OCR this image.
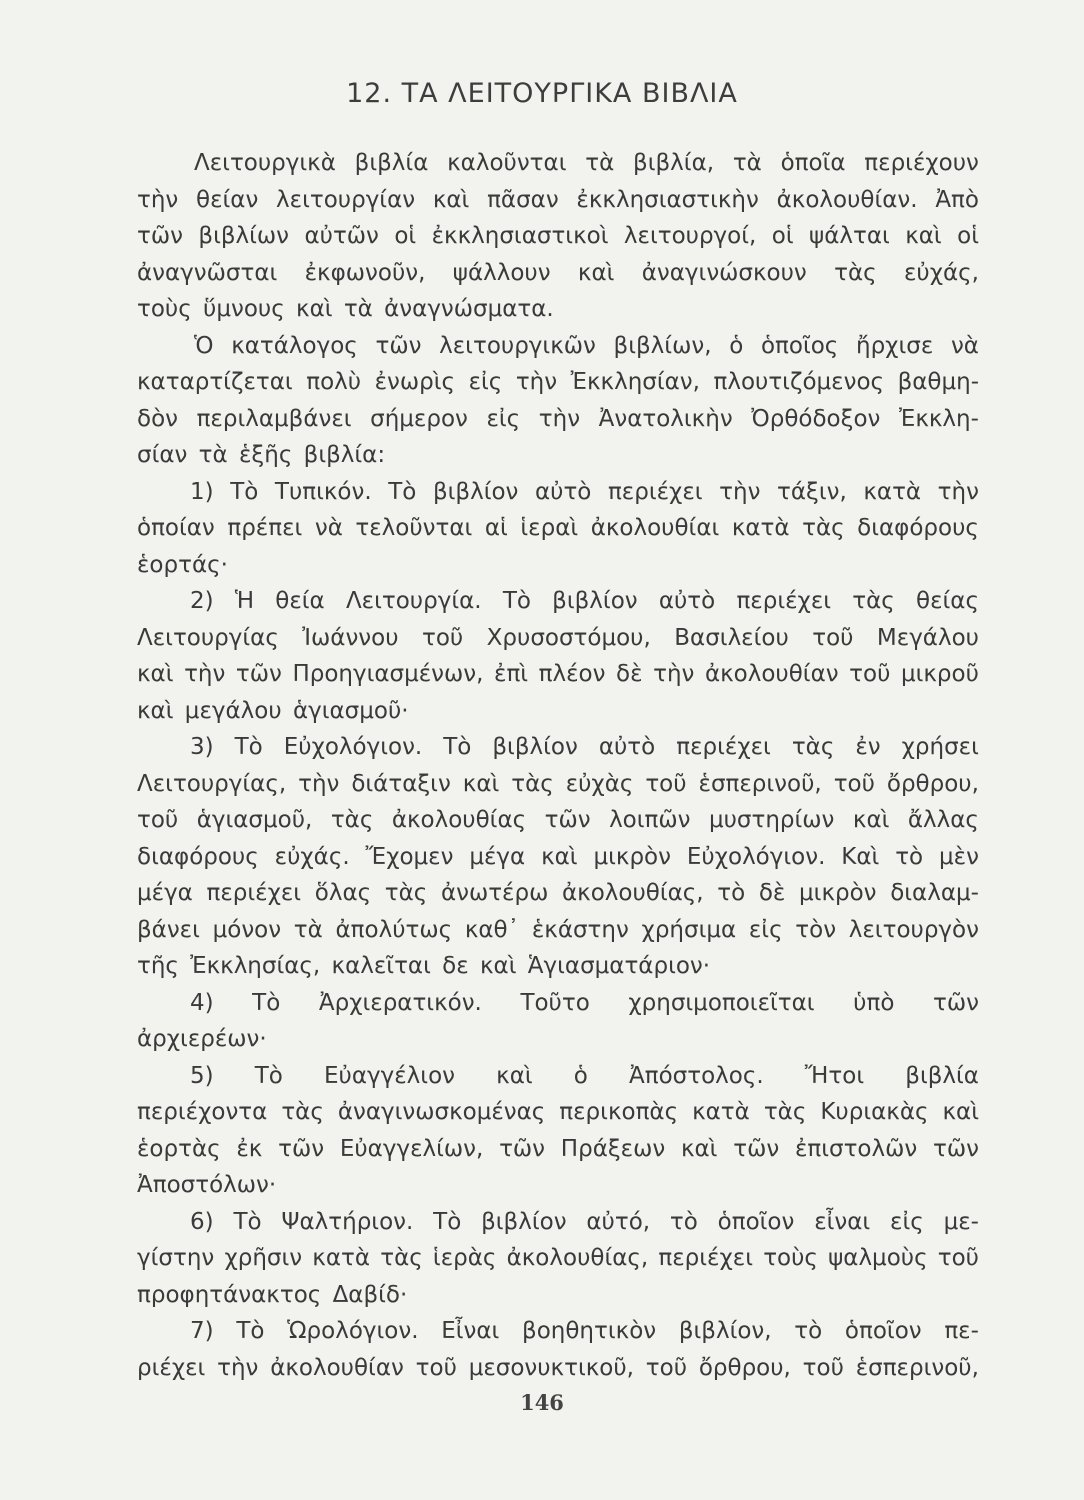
12. ΤΑ ΛΕΙΤΟΥΡΓΙΚΑ ΒΙΒΛΙΑ
Λειτουργικὰ βιβλία καλοῦνται τὰ βιβλία, τὰ ὁποῖα περιέχουν
τὴν θείαν λειτουργίαν καὶ πᾶσαν ἐκκλησιαστικὴν ἀκολουθίαν. Ἀπὸ
τῶν βιβλίων αὐτῶν οἱ ἐκκλησιαστικοὶ λειτουργοί, οἱ ψάλται καὶ οἱ
ἀναγνῶσται ἐκφωνοῦν, ψάλλουν καὶ ἀναγινώσκουν τὰς εὐχάς,
τοὺς ὕμνους καὶ τὰ ἀναγνώσματα.
Ὁ κατάλογος τῶν λειτουργικῶν βιβλίων, ὁ ὁποῖος ἤρχισε νὰ
καταρτίζεται πολὺ ἐνωρὶς εἰς τὴν Ἐκκλησίαν, πλουτιζόμενος βαθμη-
δὸν περιλαμβάνει σήμερον εἰς τὴν Ἀνατολικὴν Ὀρθόδοξον Ἐκκλη-
σίαν τὰ ἑξῆς βιβλία:
1) Τὸ Τυπικόν. Τὸ βιβλίον αὐτὸ περιέχει τὴν τάξιν, κατὰ τὴν
ὁποίαν πρέπει νὰ τελοῦνται αἱ ἱεραὶ ἀκολουθίαι κατὰ τὰς διαφόρους
ἑορτάς·
2) Ἡ θεία Λειτουργία. Τὸ βιβλίον αὐτὸ περιέχει τὰς θείας
Λειτουργίας Ἰωάννου τοῦ Χρυσοστόμου, Βασιλείου τοῦ Μεγάλου
καὶ τὴν τῶν Προηγιασμένων, ἐπὶ πλέον δὲ τὴν ἀκολουθίαν τοῦ μικροῦ
καὶ μεγάλου ἁγιασμοῦ·
3) Τὸ Εὐχολόγιον. Τὸ βιβλίον αὐτὸ περιέχει τὰς ἐν χρήσει
Λειτουργίας, τὴν διάταξιν καὶ τὰς εὐχὰς τοῦ ἑσπερινοῦ, τοῦ ὄρθρου,
τοῦ ἁγιασμοῦ, τὰς ἀκολουθίας τῶν λοιπῶν μυστηρίων καὶ ἄλλας
διαφόρους εὐχάς. Ἔχομεν μέγα καὶ μικρὸν Εὐχολόγιον. Καὶ τὸ μὲν
μέγα περιέχει ὅλας τὰς ἀνωτέρω ἀκολουθίας, τὸ δὲ μικρὸν διαλαμ-
βάνει μόνον τὰ ἀπολύτως καθ᾽ ἑκάστην χρήσιμα εἰς τὸν λειτουργὸν
τῆς Ἐκκλησίας, καλεῖται δε καὶ Ἁγιασματάριον·
4) Τὸ Ἀρχιερατικόν. Τοῦτο χρησιμοποιεῖται ὑπὸ τῶν
ἀρχιερέων·
5) Τὸ Εὐαγγέλιον καὶ ὁ Ἀπόστολος. Ἤτοι βιβλία
περιέχοντα τὰς ἀναγινωσκομένας περικοπὰς κατὰ τὰς Κυριακὰς καὶ
ἑορτὰς ἐκ τῶν Εὐαγγελίων, τῶν Πράξεων καὶ τῶν ἐπιστολῶν τῶν
Ἀποστόλων·
6) Τὸ Ψαλτήριον. Τὸ βιβλίον αὐτό, τὸ ὁποῖον εἶναι εἰς με-
γίστην χρῆσιν κατὰ τὰς ἱερὰς ἀκολουθίας, περιέχει τοὺς ψαλμοὺς τοῦ
προφητάνακτος Δαβίδ·
7) Τὸ Ὡρολόγιον. Εἶναι βοηθητικὸν βιβλίον, τὸ ὁποῖον πε-
ριέχει τὴν ἀκολουθίαν τοῦ μεσονυκτικοῦ, τοῦ ὄρθρου, τοῦ ἑσπερινοῦ,
146
